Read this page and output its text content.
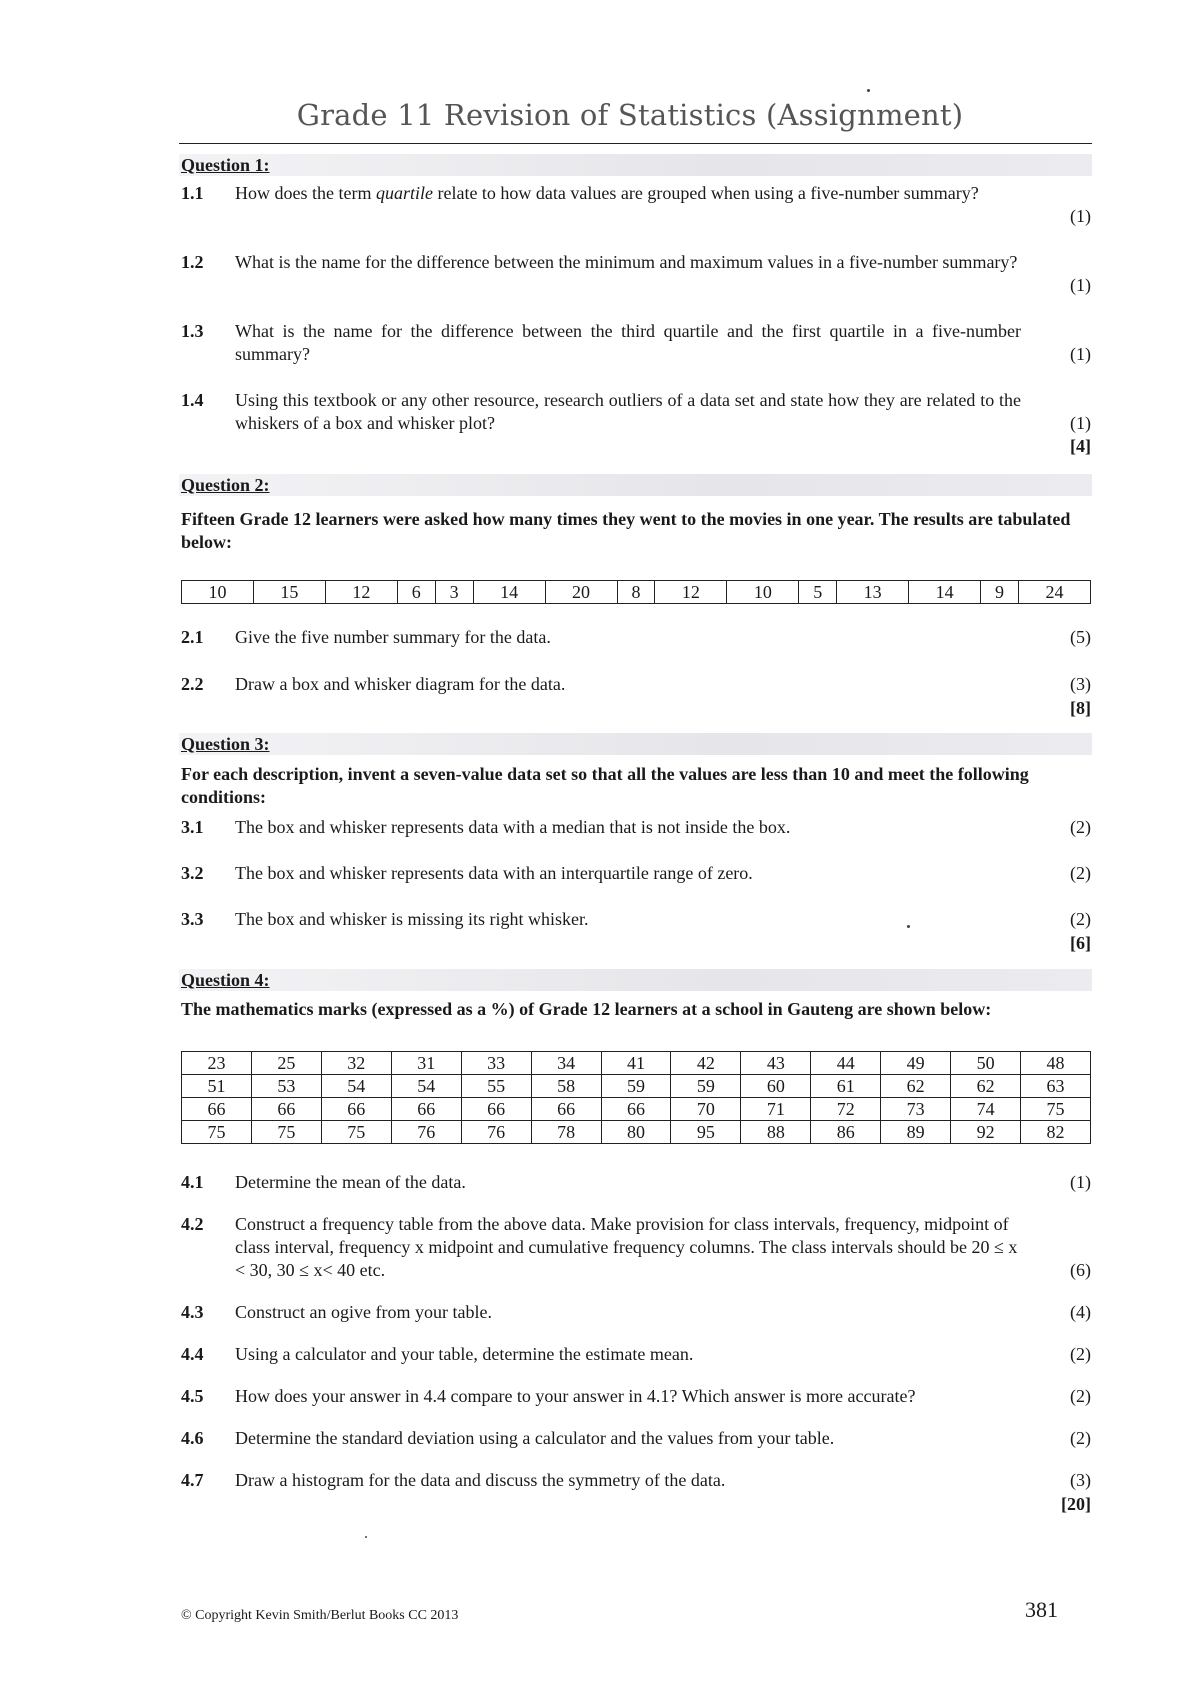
Grade 11 Revision of Statistics (Assignment)
Question 1:
1.1	How does the term quartile relate to how data values are grouped when using a five-number summary?
(1)
1.2	What is the name for the difference between the minimum and maximum values in a five-number summary?
(1)
1.3	What is the name for the difference between the third quartile and the first quartile in a five-number summary?	(1)
1.4	Using this textbook or any other resource, research outliers of a data set and state how they are related to the whiskers of a box and whisker plot?	(1)
[4]
Question 2:
Fifteen Grade 12 learners were asked how many times they went to the movies in one year. The results are tabulated below:
10	15	12	6	3	14	20	8	12	10	5	13	14	9	24
2.1	Give the five number summary for the data.	(5)
2.2	Draw a box and whisker diagram for the data.	(3)
[8]
Question 3:
For each description, invent a seven-value data set so that all the values are less than 10 and meet the following conditions:
3.1	The box and whisker represents data with a median that is not inside the box.	(2)
3.2	The box and whisker represents data with an interquartile range of zero.	(2)
3.3	The box and whisker is missing its right whisker.	(2)
[6]
Question 4:
The mathematics marks (expressed as a %) of Grade 12 learners at a school in Gauteng are shown below:
23	25	32	31	33	34	41	42	43	44	49	50	48
51	53	54	54	55	58	59	59	60	61	62	62	63
66	66	66	66	66	66	66	70	71	72	73	74	75
75	75	75	76	76	78	80	95	88	86	89	92	82
4.1	Determine the mean of the data.	(1)
4.2	Construct a frequency table from the above data. Make provision for class intervals, frequency, midpoint of class interval, frequency x midpoint and cumulative frequency columns. The class intervals should be 20 ≤ x < 30, 30 ≤ x< 40 etc.	(6)
4.3	Construct an ogive from your table.	(4)
4.4	Using a calculator and your table, determine the estimate mean.	(2)
4.5	How does your answer in 4.4 compare to your answer in 4.1? Which answer is more accurate?	(2)
4.6	Determine the standard deviation using a calculator and the values from your table.	(2)
4.7	Draw a histogram for the data and discuss the symmetry of the data.	(3)
[20]
© Copyright Kevin Smith/Berlut Books CC 2013	381
